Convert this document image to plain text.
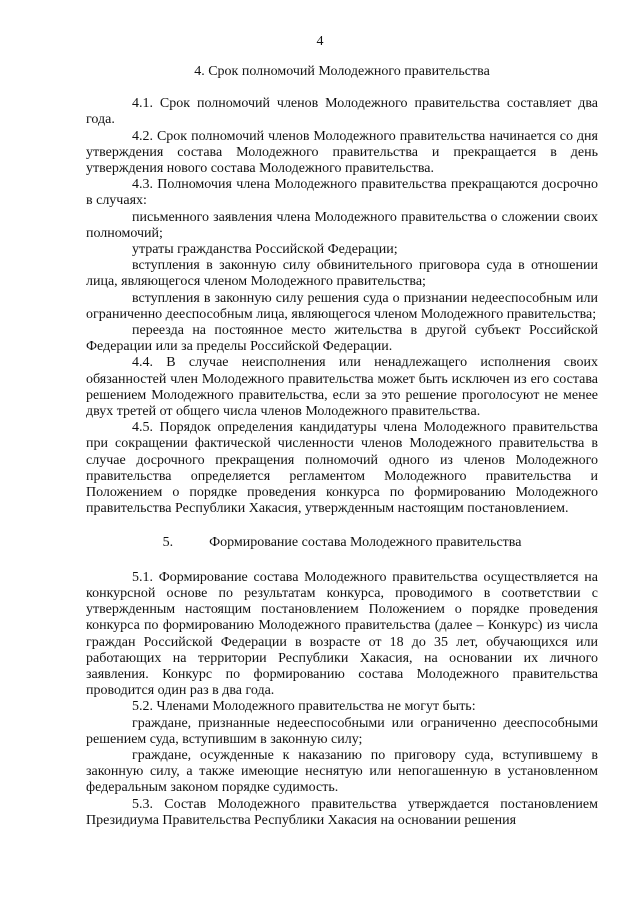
4
4. Срок полномочий Молодежного правительства
4.1. Срок полномочий членов Молодежного правительства составляет два года.
4.2. Срок полномочий членов Молодежного правительства начинается со дня утверждения состава Молодежного правительства и прекращается в день утверждения нового состава Молодежного правительства.
4.3. Полномочия члена Молодежного правительства прекращаются досрочно в случаях:
письменного заявления члена Молодежного правительства о сложении своих полномочий;
утраты гражданства Российской Федерации;
вступления в законную силу обвинительного приговора суда в отношении лица, являющегося членом Молодежного правительства;
вступления в законную силу решения суда о признании недееспособным или ограниченно дееспособным лица, являющегося членом Молодежного правительства;
переезда на постоянное место жительства в другой субъект Российской Федерации или за пределы Российской Федерации.
4.4. В случае неисполнения или ненадлежащего исполнения своих обязанностей член Молодежного правительства может быть исключен из его состава решением Молодежного правительства, если за это решение проголосуют не менее двух третей от общего числа членов Молодежного правительства.
4.5. Порядок определения кандидатуры члена Молодежного правительства при сокращении фактической численности членов Молодежного правительства в случае досрочного прекращения полномочий одного из членов Молодежного правительства определяется регламентом Молодежного правительства и Положением о порядке проведения конкурса по формированию Молодежного правительства Республики Хакасия, утвержденным настоящим постановлением.
5.	Формирование состава Молодежного правительства
5.1. Формирование состава Молодежного правительства осуществляется на конкурсной основе по результатам конкурса, проводимого в соответствии с утвержденным настоящим постановлением Положением о порядке проведения конкурса по формированию Молодежного правительства (далее – Конкурс) из числа граждан Российской Федерации в возрасте от 18 до 35 лет, обучающихся или работающих на территории Республики Хакасия, на основании их личного заявления. Конкурс по формированию состава Молодежного правительства проводится один раз в два года.
5.2. Членами Молодежного правительства не могут быть:
граждане, признанные недееспособными или ограниченно дееспособными решением суда, вступившим в законную силу;
граждане, осужденные к наказанию по приговору суда, вступившему в законную силу, а также имеющие неснятую или непогашенную в установленном федеральным законом порядке судимость.
5.3. Состав Молодежного правительства утверждается постановлением Президиума Правительства Республики Хакасия на основании решения
